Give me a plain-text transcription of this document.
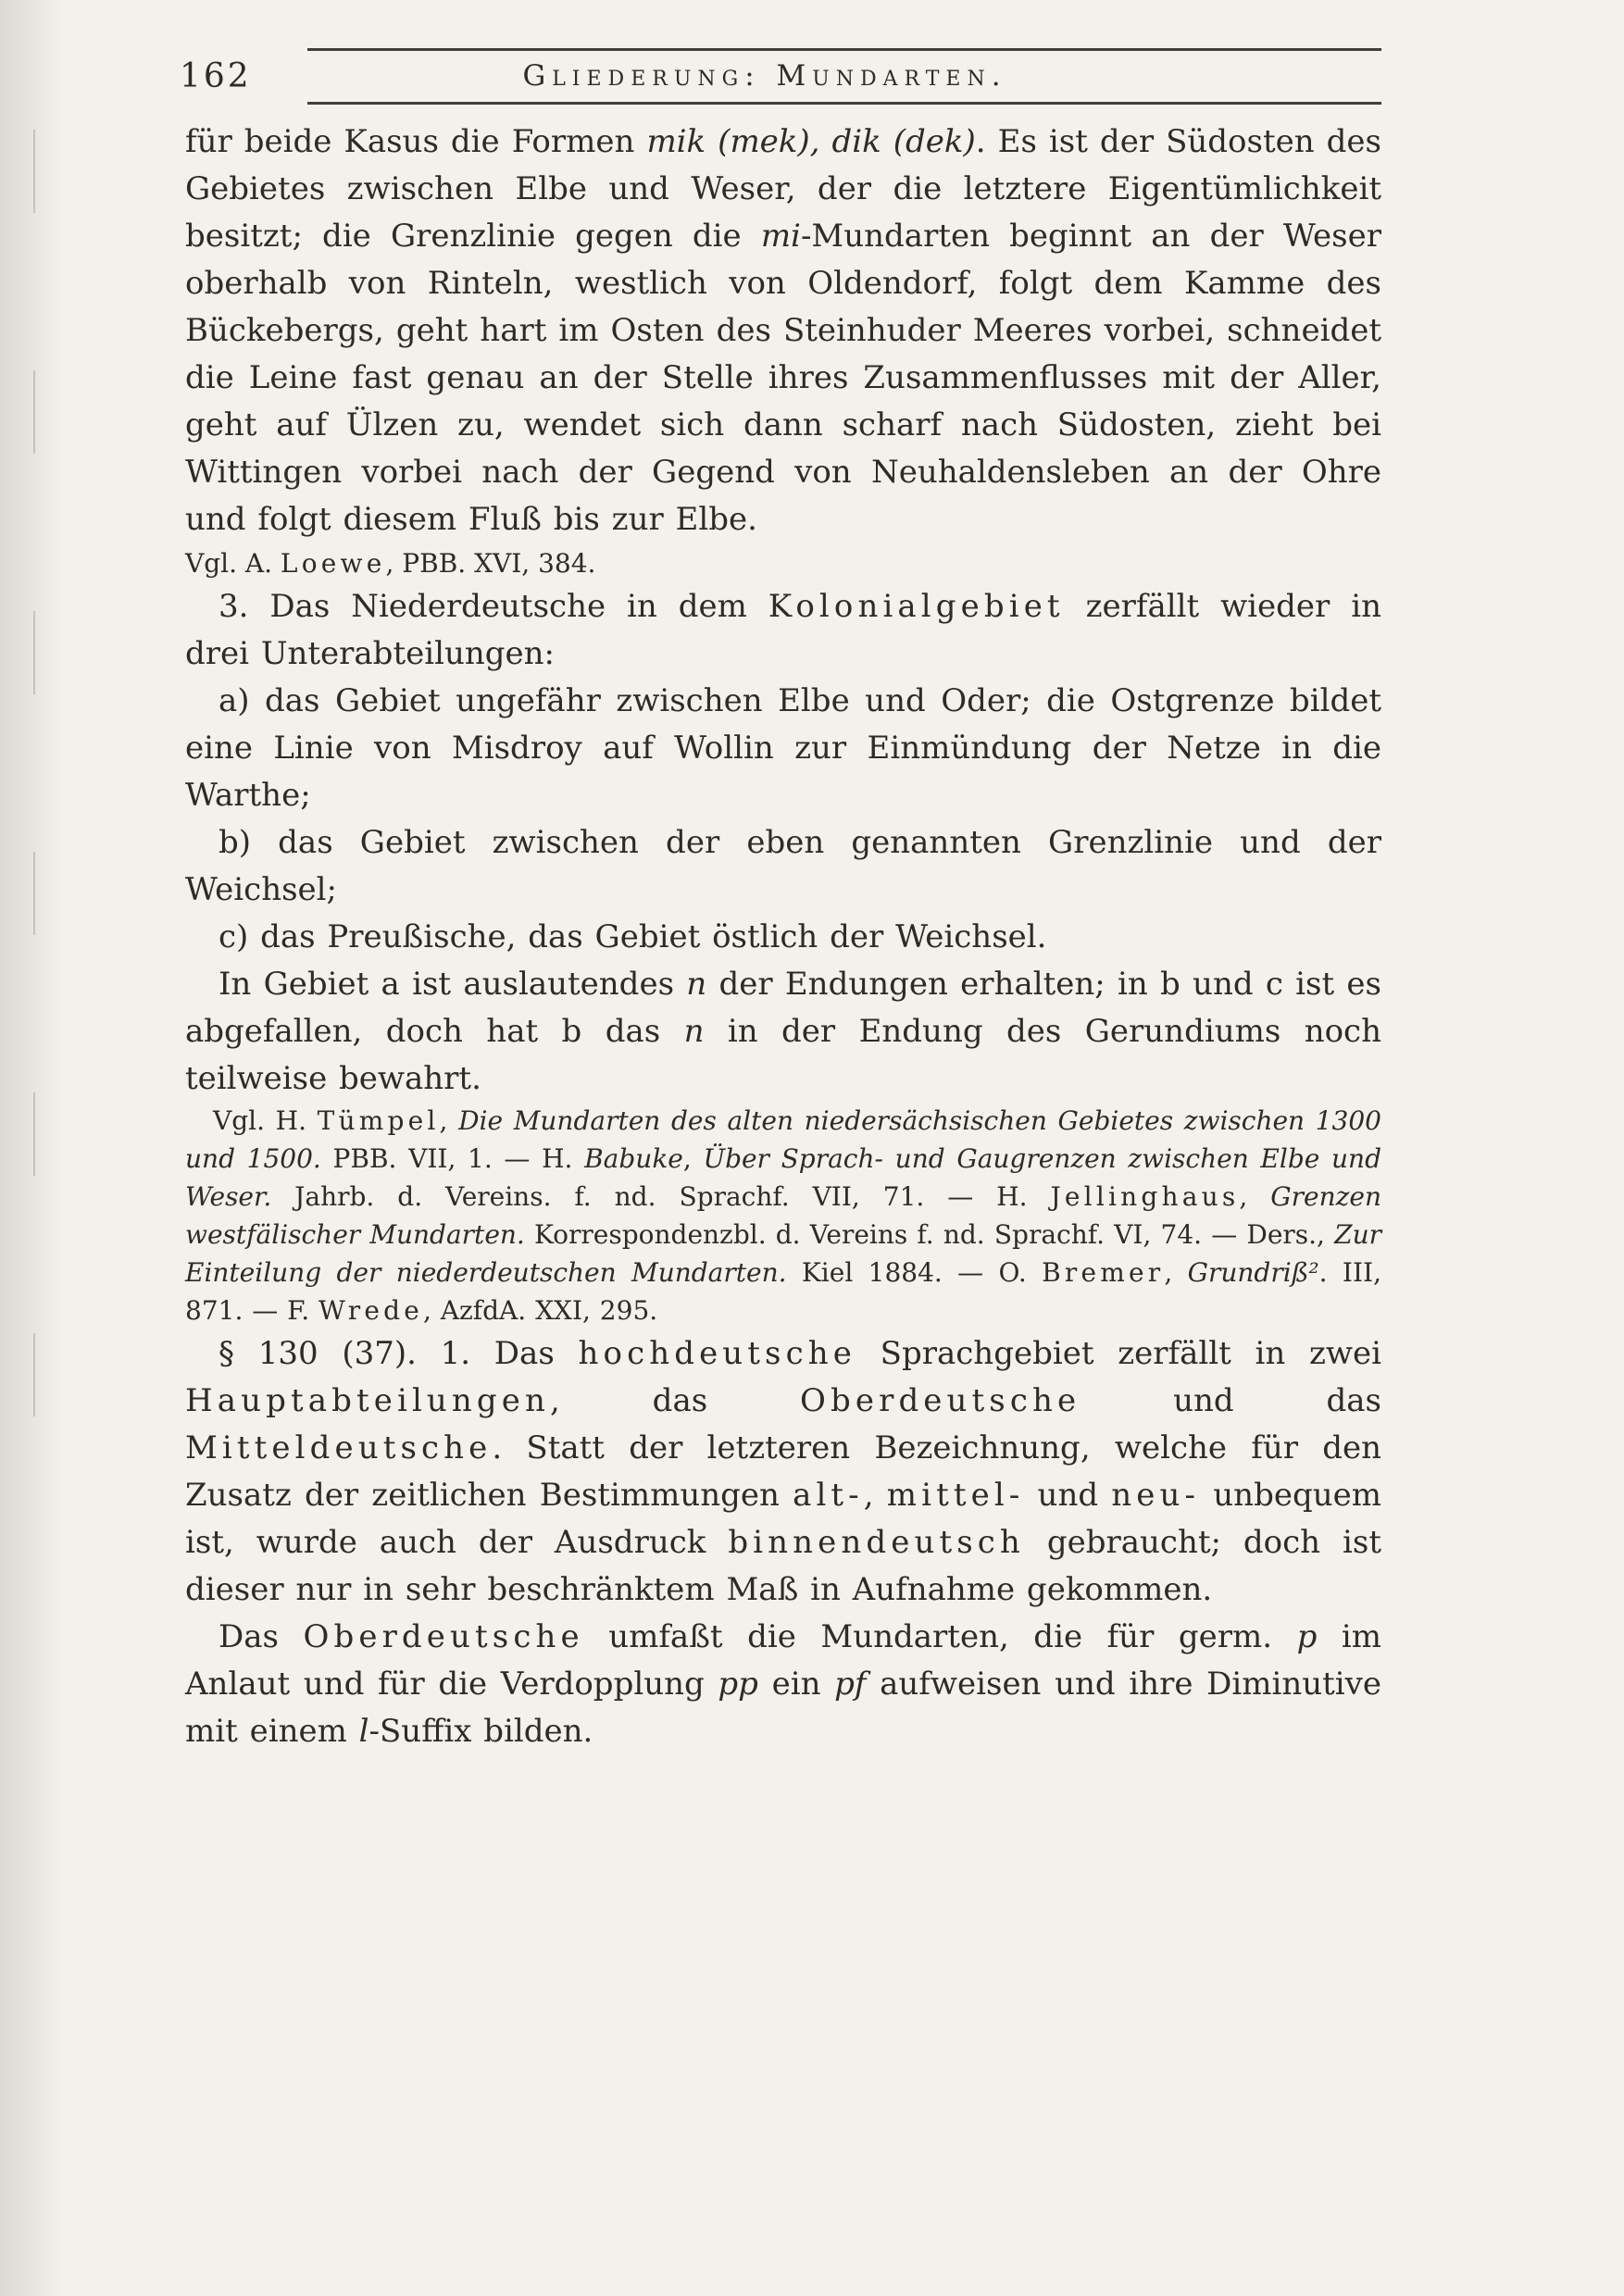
162	Gliederung: Mundarten.

für beide Kasus die Formen mik (mek), dik (dek). Es ist der Südosten des Gebietes zwischen Elbe und Weser, der die letztere Eigentümlichkeit besitzt; die Grenzlinie gegen die mi-Mundarten beginnt an der Weser oberhalb von Rinteln, westlich von Oldendorf, folgt dem Kamme des Bückebergs, geht hart im Osten des Steinhuder Meeres vorbei, schneidet die Leine fast genau an der Stelle ihres Zusammenflusses mit der Aller, geht auf Ülzen zu, wendet sich dann scharf nach Südosten, zieht bei Wittingen vorbei nach der Gegend von Neuhaldensleben an der Ohre und folgt diesem Fluß bis zur Elbe.

Vgl. A. Loewe, PBB. XVI, 384.

3. Das Niederdeutsche in dem Kolonialgebiet zerfällt wieder in drei Unterabteilungen:

a) das Gebiet ungefähr zwischen Elbe und Oder; die Ostgrenze bildet eine Linie von Misdroy auf Wollin zur Einmündung der Netze in die Warthe;

b) das Gebiet zwischen der eben genannten Grenzlinie und der Weichsel;

c) das Preußische, das Gebiet östlich der Weichsel.

In Gebiet a ist auslautendes n der Endungen erhalten; in b und c ist es abgefallen, doch hat b das n in der Endung des Gerundiums noch teilweise bewahrt.

Vgl. H. Tümpel, Die Mundarten des alten niedersächsischen Gebietes zwischen 1300 und 1500. PBB. VII, 1. — H. Babuke, Über Sprach- und Gaugrenzen zwischen Elbe und Weser. Jahrb. d. Vereins. f. nd. Sprachf. VII, 71. — H. Jellinghaus, Grenzen westfälischer Mundarten. Korrespondenzbl. d. Vereins f. nd. Sprachf. VI, 74. — Ders., Zur Einteilung der niederdeutschen Mundarten. Kiel 1884. — O. Bremer, Grundriß². III, 871. — F. Wrede, AzfdA. XXI, 295.

§ 130 (37). 1. Das hochdeutsche Sprachgebiet zerfällt in zwei Hauptabteilungen, das Oberdeutsche und das Mitteldeutsche. Statt der letzteren Bezeichnung, welche für den Zusatz der zeitlichen Bestimmungen alt-, mittel- und neu- unbequem ist, wurde auch der Ausdruck binnendeutsch gebraucht; doch ist dieser nur in sehr beschränktem Maß in Aufnahme gekommen.

Das Oberdeutsche umfaßt die Mundarten, die für germ. p im Anlaut und für die Verdopplung pp ein pf aufweisen und ihre Diminutive mit einem l-Suffix bilden.
